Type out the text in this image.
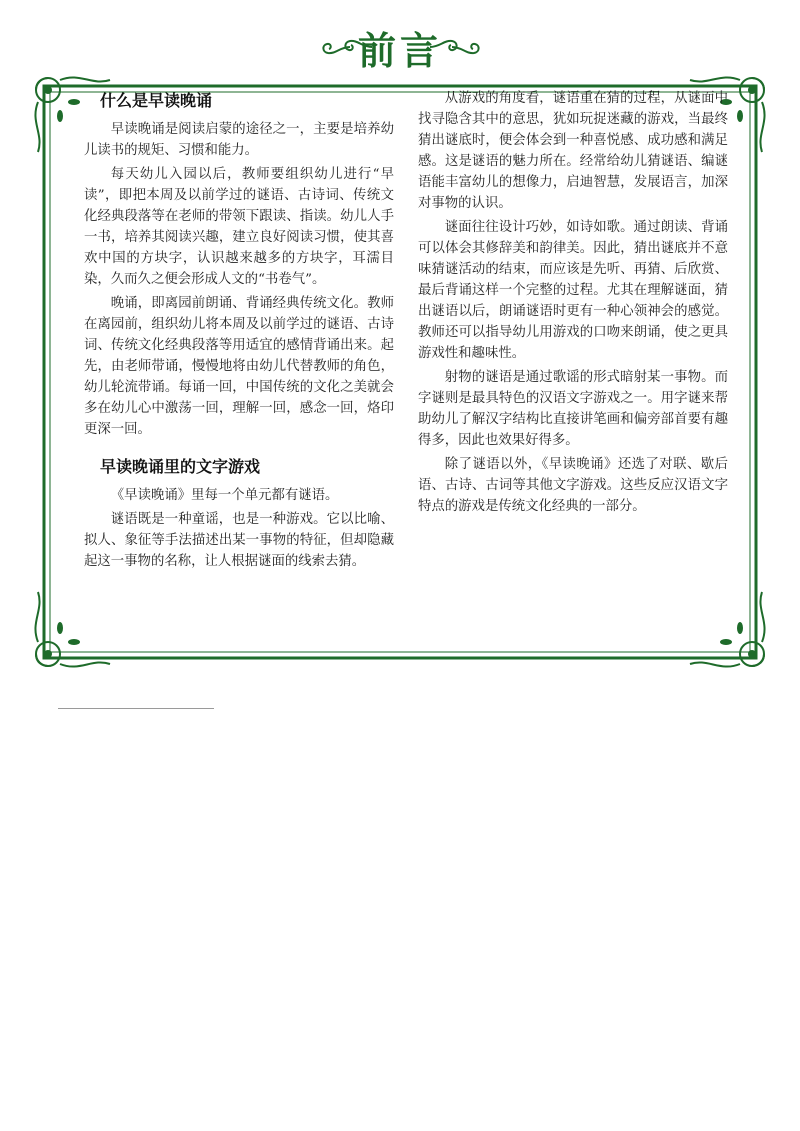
前言
什么是早读晚诵

早读晚诵是阅读启蒙的途径之一，主要是培养幼儿读书的规矩、习惯和能力。

每天幼儿入园以后，教师要组织幼儿进行“早读”，即把本周及以前学过的谜语、古诗词、传统文化经典段落等在老师的带领下跟读、指读。幼儿人手一书，培养其阅读兴趣，建立良好阅读习惯，使其喜欢中国的方块字，认识越来越多的方块字，耳濡目染，久而久之便会形成人文的“书卷气”。

晚诵，即离园前朗诵、背诵经典传统文化。教师在离园前，组织幼儿将本周及以前学过的谜语、古诗词、传统文化经典段落等用适宜的感情背诵出来。起先，由老师带诵，慢慢地将由幼儿代替教师的角色，幼儿轮流带诵。每诵一回，中国传统的文化之美就会多在幼儿心中激荡一回，理解一回，感念一回，烙印更深一回。

早读晚诵里的文字游戏

《早读晚诵》里每一个单元都有谜语。

谜语既是一种童谣，也是一种游戏。它以比喻、拟人、象征等手法描述出某一事物的特征，但却隐藏起这一事物的名称，让人根据谜面的线索去猜。

从游戏的角度看，谜语重在猜的过程，从谜面中找寻隐含其中的意思，犹如玩捉迷藏的游戏，当最终猜出谜底时，便会体会到一种喜悦感、成功感和满足感。这是谜语的魅力所在。经常给幼儿猜谜语、编谜语能丰富幼儿的想像力，启迪智慧，发展语言，加深对事物的认识。

谜面往往设计巧妙，如诗如歌。通过朗读、背诵可以体会其修辞美和韵律美。因此，猜出谜底并不意味猜谜活动的结束，而应该是先听、再猜、后欣赏、最后背诵这样一个完整的过程。尤其在理解谜面，猜出谜语以后，朗诵谜语时更有一种心领神会的感觉。教师还可以指导幼儿用游戏的口吻来朗诵，使之更具游戏性和趣味性。

射物的谜语是通过歌谣的形式暗射某一事物。而字谜则是最具特色的汉语文字游戏之一。用字谜来帮助幼儿了解汉字结构比直接讲笔画和偏旁部首要有趣得多，因此也效果好得多。

除了谜语以外，《早读晚诵》还选了对联、歇后语、古诗、古词等其他文字游戏。这些反应汉语文字特点的游戏是传统文化经典的一部分。
